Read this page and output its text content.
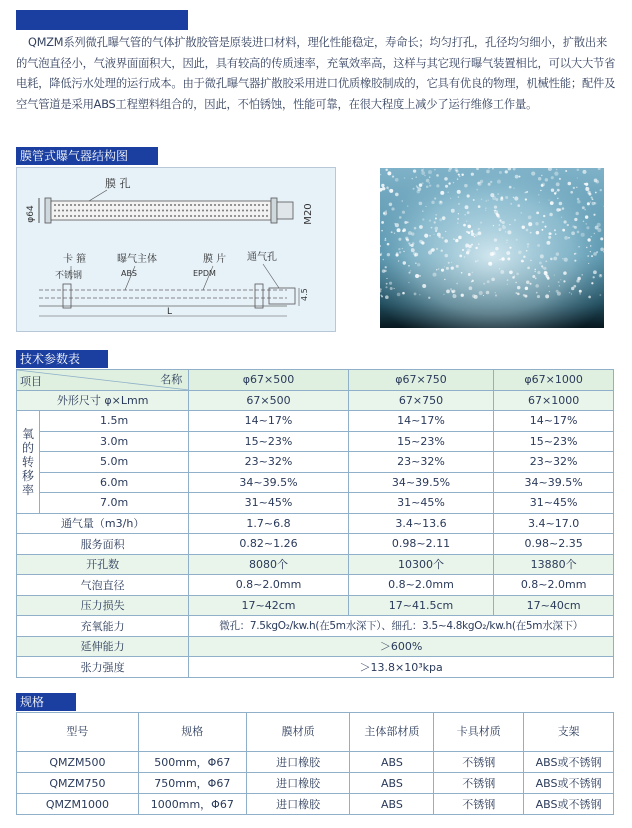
QMZM系列微孔曝气管的气体扩散胶管是原装进口材料，理化性能稳定，寿命长；均匀打孔，孔径均匀细小，扩散出来的气泡直径小，气液界面面积大，因此，具有较高的传质速率，充氧效率高，这样与其它现行曝气装置相比，可以大大节省电耗，降低污水处理的运行成本。由于微孔曝气器扩散胶采用进口优质橡胶制成的，它具有优良的物理，机械性能；配件及空气管道是采用ABS工程塑料组合的，因此，不怕锈蚀，性能可靠，在很大程度上减少了运行维修工作量。
膜管式曝气器结构图
φ64
膜 孔
M20
卡 箍
不锈钢
曝气主体
ABS
膜 片
EPDM
通气孔
L
4.5
技术参数表
名称
项目		φ67×500	φ67×750	φ67×1000
外形尺寸 φ×Lmm		67×500	67×750	67×1000
氧的转移率	1.5m	14~17%	14~17%	14~17%
	3.0m	15~23%	15~23%	15~23%
	5.0m	23~32%	23~32%	23~32%
	6.0m	34~39.5%	34~39.5%	34~39.5%
	7.0m	31~45%	31~45%	31~45%
通气量（m3/h）		1.7~6.8	3.4~13.6	3.4~17.0
服务面积		0.82~1.26	0.98~2.11	0.98~2.35
开孔数		8080个	10300个	13880个
气泡直径		0.8~2.0mm	0.8~2.0mm	0.8~2.0mm
压力损失		17~42cm	17~41.5cm	17~40cm
充氧能力		微孔：7.5kgO₂/kw.h(在5m水深下）、细孔：3.5~4.8kgO₂/kw.h(在5m水深下）		
延伸能力		＞600%		
张力强度		＞13.8×10³kpa		
规格
型号	规格	膜材质	主体部材质	卡具材质	支架
QMZM500	500mm，Φ67	进口橡胶	ABS	不锈钢	ABS或不锈钢
QMZM750	750mm，Φ67	进口橡胶	ABS	不锈钢	ABS或不锈钢
QMZM1000	1000mm，Φ67	进口橡胶	ABS	不锈钢	ABS或不锈钢
